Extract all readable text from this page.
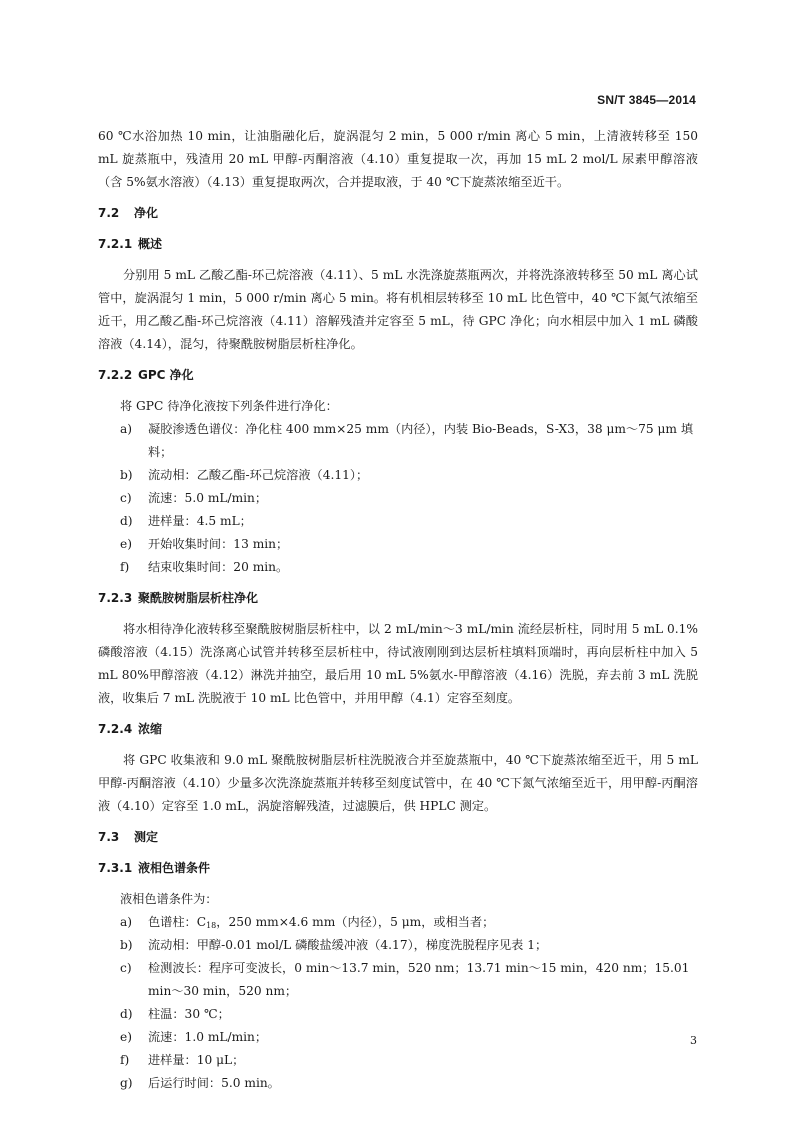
SN/T 3845—2014

60 ℃水浴加热 10 min，让油脂融化后，旋涡混匀 2 min，5 000 r/min 离心 5 min，上清液转移至 150 mL 旋蒸瓶中，残渣用 20 mL 甲醇-丙酮溶液（4.10）重复提取一次，再加 15 mL 2 mol/L 尿素甲醇溶液（含 5%氨水溶液）（4.13）重复提取两次，合并提取液，于 40 ℃下旋蒸浓缩至近干。

7.2 净化
7.2.1 概述

分别用 5 mL 乙酸乙酯-环己烷溶液（4.11）、5 mL 水洗涤旋蒸瓶两次，并将洗涤液转移至 50 mL 离心试管中，旋涡混匀 1 min，5 000 r/min 离心 5 min。将有机相层转移至 10 mL 比色管中，40 ℃下氮气浓缩至近干，用乙酸乙酯-环己烷溶液（4.11）溶解残渣并定容至 5 mL，待 GPC 净化；向水相层中加入 1 mL 磷酸溶液（4.14），混匀，待聚酰胺树脂层析柱净化。

7.2.2 GPC 净化

将 GPC 待净化液按下列条件进行净化：

a) 凝胶渗透色谱仪：净化柱 400 mm×25 mm（内径），内装 Bio-Beads，S-X3，38 μm～75 μm 填料；
b) 流动相：乙酸乙酯-环己烷溶液（4.11）；
c) 流速：5.0 mL/min；
d) 进样量：4.5 mL；
e) 开始收集时间：13 min；
f) 结束收集时间：20 min。
7.2.3 聚酰胺树脂层析柱净化

将水相待净化液转移至聚酰胺树脂层析柱中，以 2 mL/min～3 mL/min 流经层析柱，同时用 5 mL 0.1%磷酸溶液（4.15）洗涤离心试管并转移至层析柱中，待试液刚刚到达层析柱填料顶端时，再向层析柱中加入 5 mL 80%甲醇溶液（4.12）淋洗并抽空，最后用 10 mL 5%氨水-甲醇溶液（4.16）洗脱，弃去前 3 mL 洗脱液，收集后 7 mL 洗脱液于 10 mL 比色管中，并用甲醇（4.1）定容至刻度。

7.2.4 浓缩

将 GPC 收集液和 9.0 mL 聚酰胺树脂层析柱洗脱液合并至旋蒸瓶中，40 ℃下旋蒸浓缩至近干，用 5 mL 甲醇-丙酮溶液（4.10）少量多次洗涤旋蒸瓶并转移至刻度试管中，在 40 ℃下氮气浓缩至近干，用甲醇-丙酮溶液（4.10）定容至 1.0 mL，涡旋溶解残渣，过滤膜后，供 HPLC 测定。

7.3 测定
7.3.1 液相色谱条件

液相色谱条件为：

a) 色谱柱：$C_{18}$，250 mm×4.6 mm（内径），5 μm，或相当者；
b) 流动相：甲醇-0.01 mol/L 磷酸盐缓冲液（4.17），梯度洗脱程序见表 1；
c) 检测波长：程序可变波长，0 min～13.7 min，520 nm；13.71 min～15 min，420 nm；15.01 min～30 min，520 nm；
d) 柱温：30 ℃；
e) 流速：1.0 mL/min；
f) 进样量：10 μL；
g) 后运行时间：5.0 min。
3
